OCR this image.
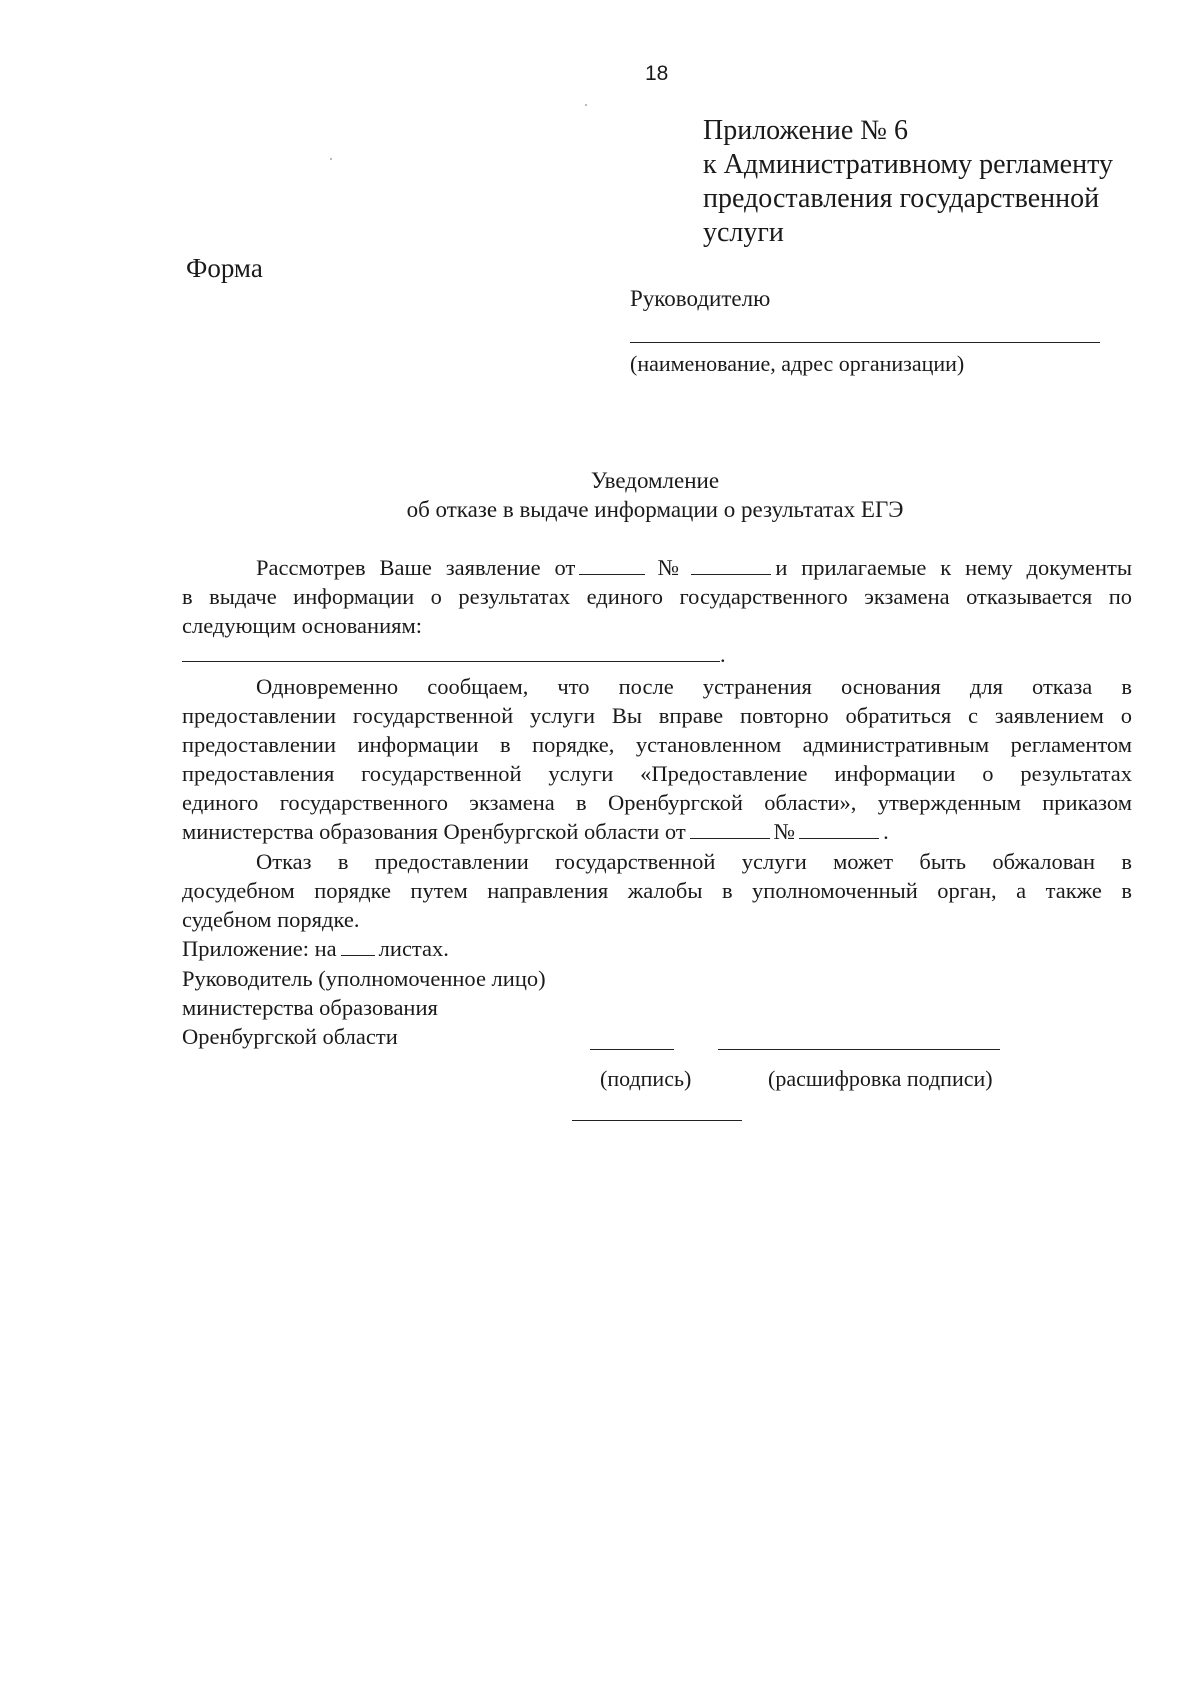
18
Приложение № 6
к Административному регламенту
предоставления государственной
услуги
Форма
Руководителю
(наименование, адрес организации)
Уведомление
об отказе в выдаче информации о результатах ЕГЭ
Рассмотрев Ваше заявление от	№	и прилагаемые к нему документы
в выдаче информации о результатах единого государственного экзамена отказывается по
следующим основаниям:
.
Одновременно сообщаем, что после устранения основания для отказа в
предоставлении государственной услуги Вы вправе повторно обратиться с заявлением о
предоставлении информации в порядке, установленном административным регламентом
предоставления государственной услуги «Предоставление информации о результатах
единого государственного экзамена в Оренбургской области», утвержденным приказом
министерства образования Оренбургской области от	№	.
Отказ в предоставлении государственной услуги может быть обжалован в
досудебном порядке путем направления жалобы в уполномоченный орган, а также в
судебном порядке.
Приложение: на листах.
Руководитель (уполномоченное лицо)
министерства образования
Оренбургской области
(подпись)	(расшифровка подписи)
